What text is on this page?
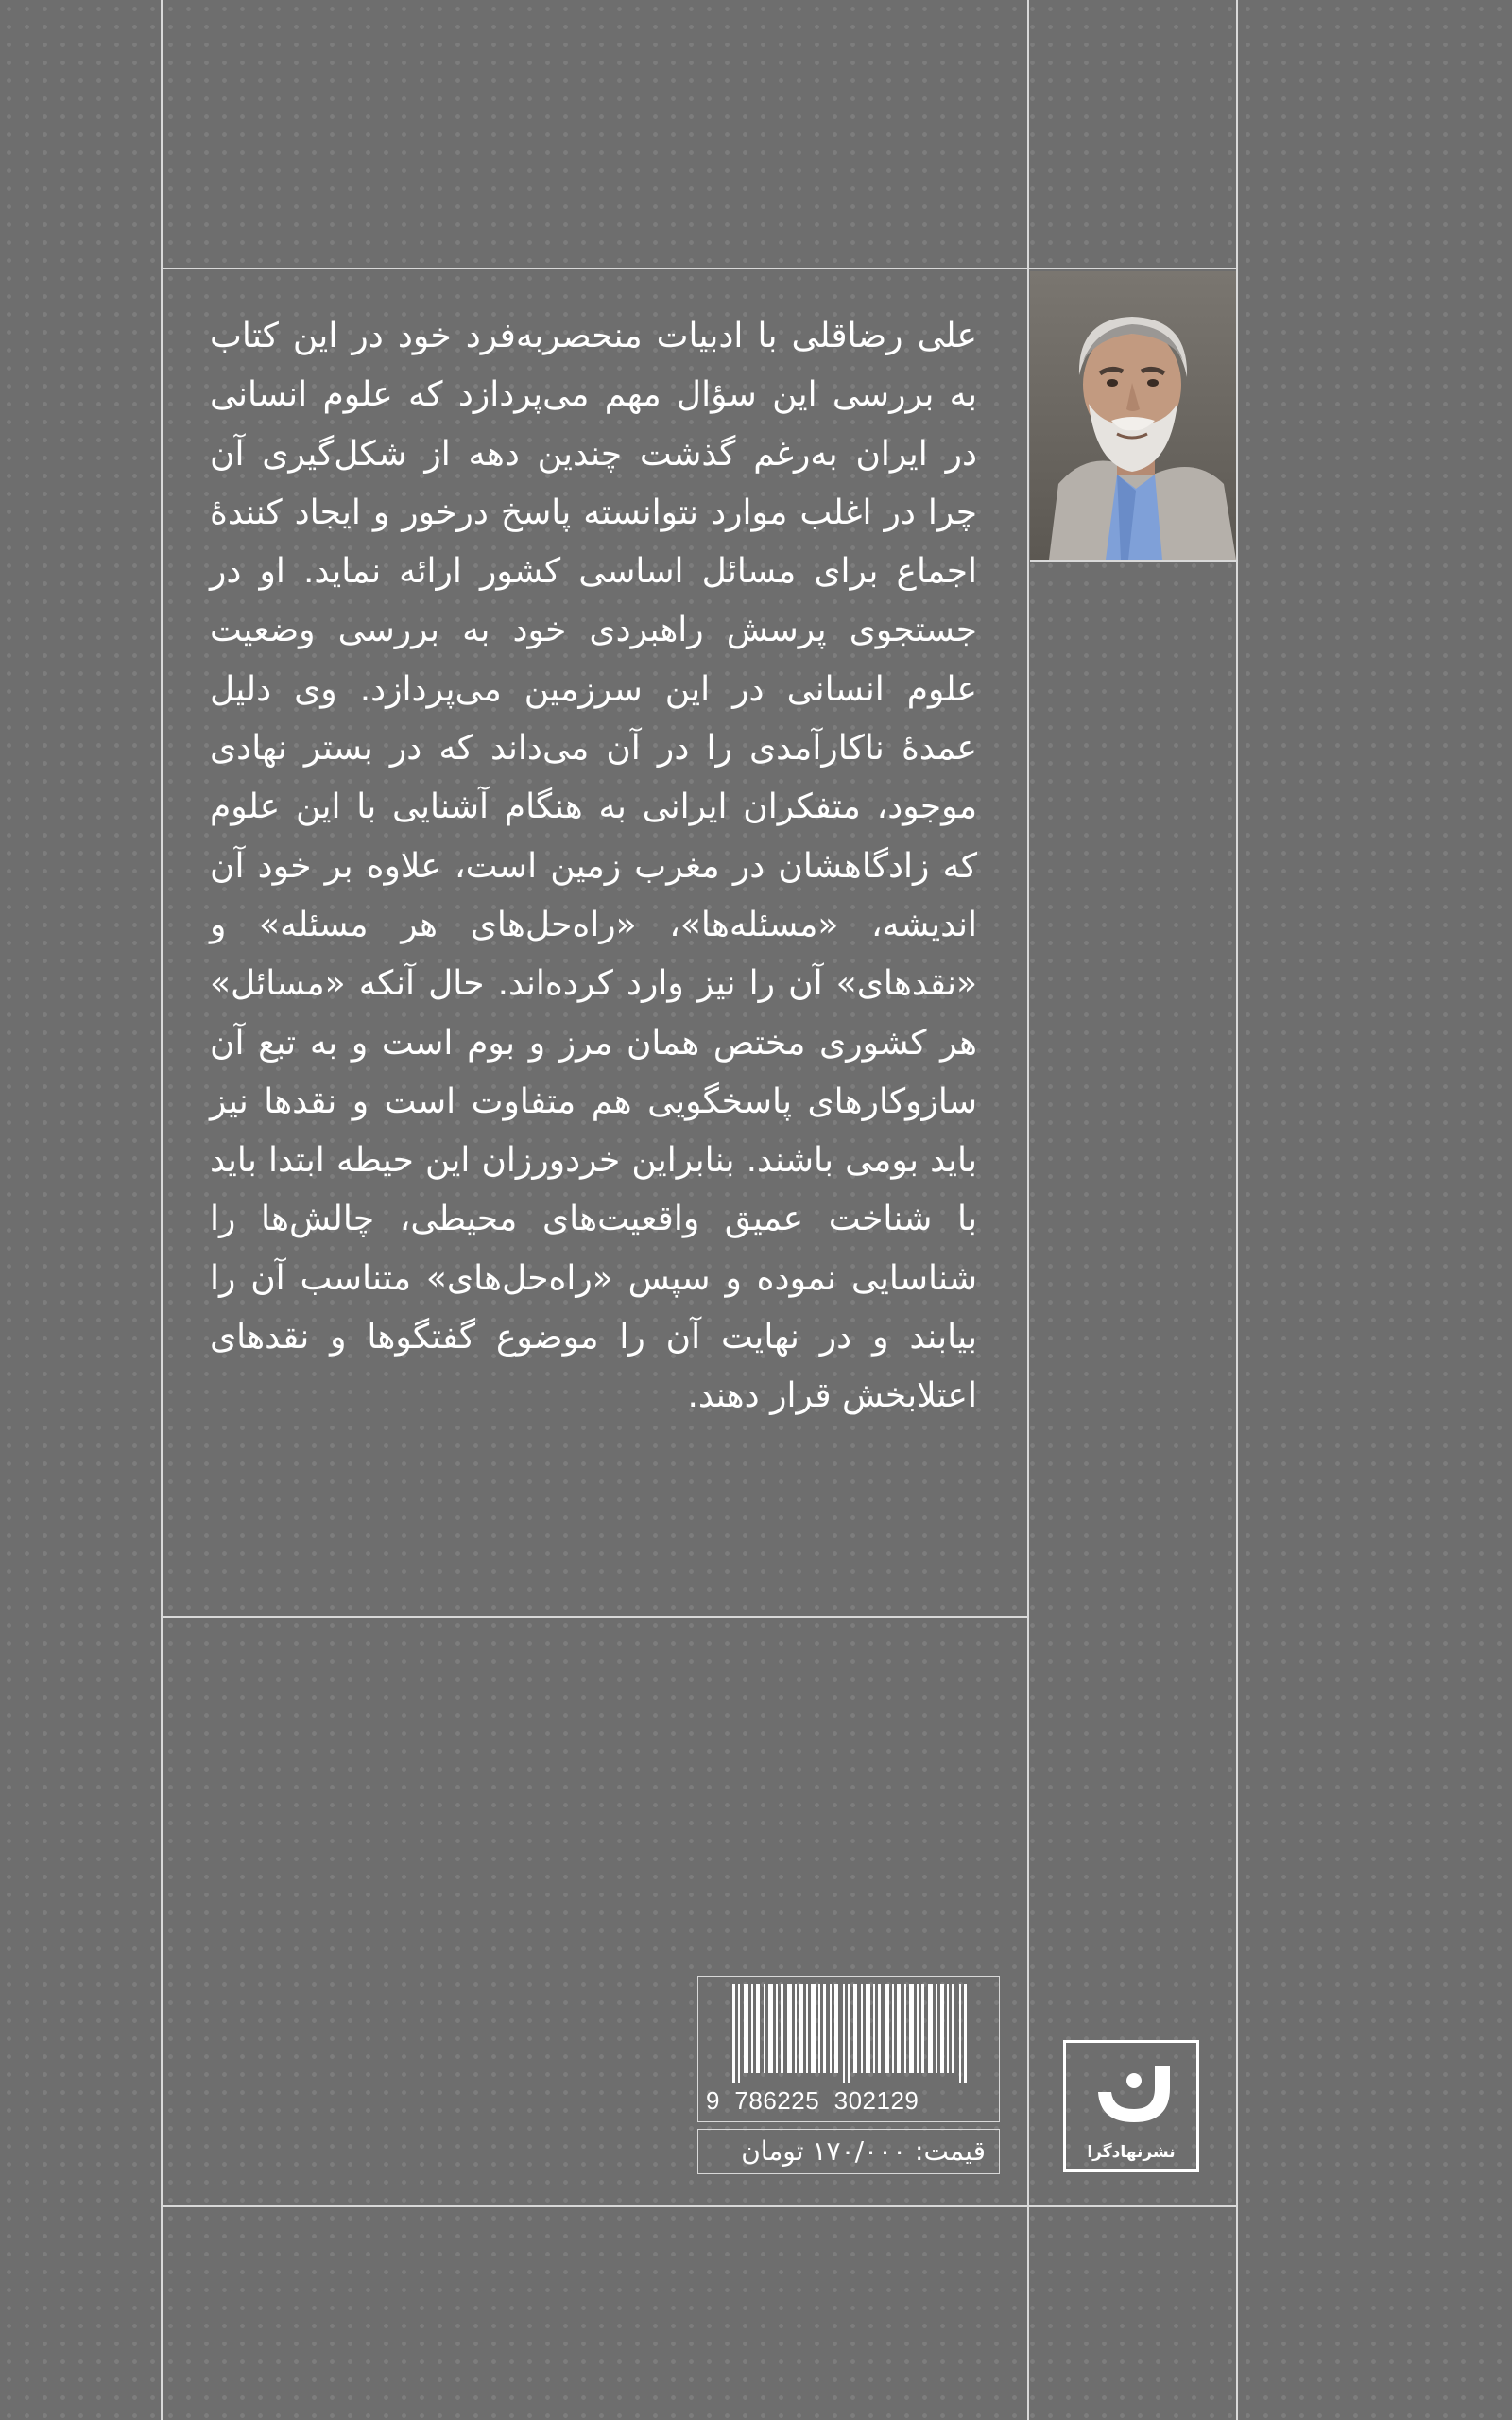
علی رضاقلی با ادبیات منحصربه‌فرد خود در این کتاب به بررسی این سؤال مهم می‌پردازد که علوم انسانی در ایران به‌رغم گذشت چندین دهه از شکل‌گیری آن چرا در اغلب موارد نتوانسته پاسخ درخور و ایجاد کنندهٔ اجماع برای مسائل اساسی کشور ارائه نماید. او در جستجوی پرسش راهبردی خود به بررسی وضعیت علوم انسانی در این سرزمین می‌پردازد. وی دلیل عمدهٔ ناکارآمدی را در آن می‌داند که در بستر نهادی موجود، متفکران ایرانی به هنگام آشنایی با این علوم که زادگاهشان در مغرب زمین است، علاوه بر خود آن اندیشه، «مسئله‌ها»، «راه‌حل‌های هر مسئله» و «نقدهای» آن را نیز وارد کرده‌اند. حال آنکه «مسائل» هر کشوری مختص همان مرز و بوم است و به تبع آن سازوکارهای پاسخگویی هم متفاوت است و نقدها نیز باید بومی باشند. بنابراین خردورزان این حیطه ابتدا باید با شناخت عمیق واقعیت‌های محیطی، چالش‌ها را شناسایی نموده و سپس «راه‌حل‌های» متناسب آن را بیابند و در نهایت آن را موضوع گفتگوها و نقدهای اعتلابخش قرار دهند.
9  786225  302129
قیمت: ۱۷۰/۰۰۰ تومان	نشرنهادگرا
